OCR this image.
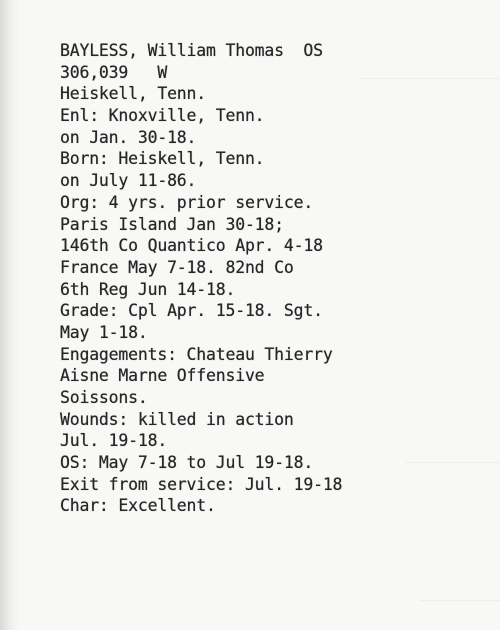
BAYLESS, William Thomas  OS
306,039   W
Heiskell, Tenn.
Enl: Knoxville, Tenn.
on Jan. 30-18.
Born: Heiskell, Tenn.
on July 11-86.
Org: 4 yrs. prior service.
Paris Island Jan 30-18;
146th Co Quantico Apr. 4-18
France May 7-18. 82nd Co
6th Reg Jun 14-18.
Grade: Cpl Apr. 15-18. Sgt.
May 1-18.
Engagements: Chateau Thierry
Aisne Marne Offensive
Soissons.
Wounds: killed in action
Jul. 19-18.
OS: May 7-18 to Jul 19-18.
Exit from service: Jul. 19-18
Char: Excellent.
